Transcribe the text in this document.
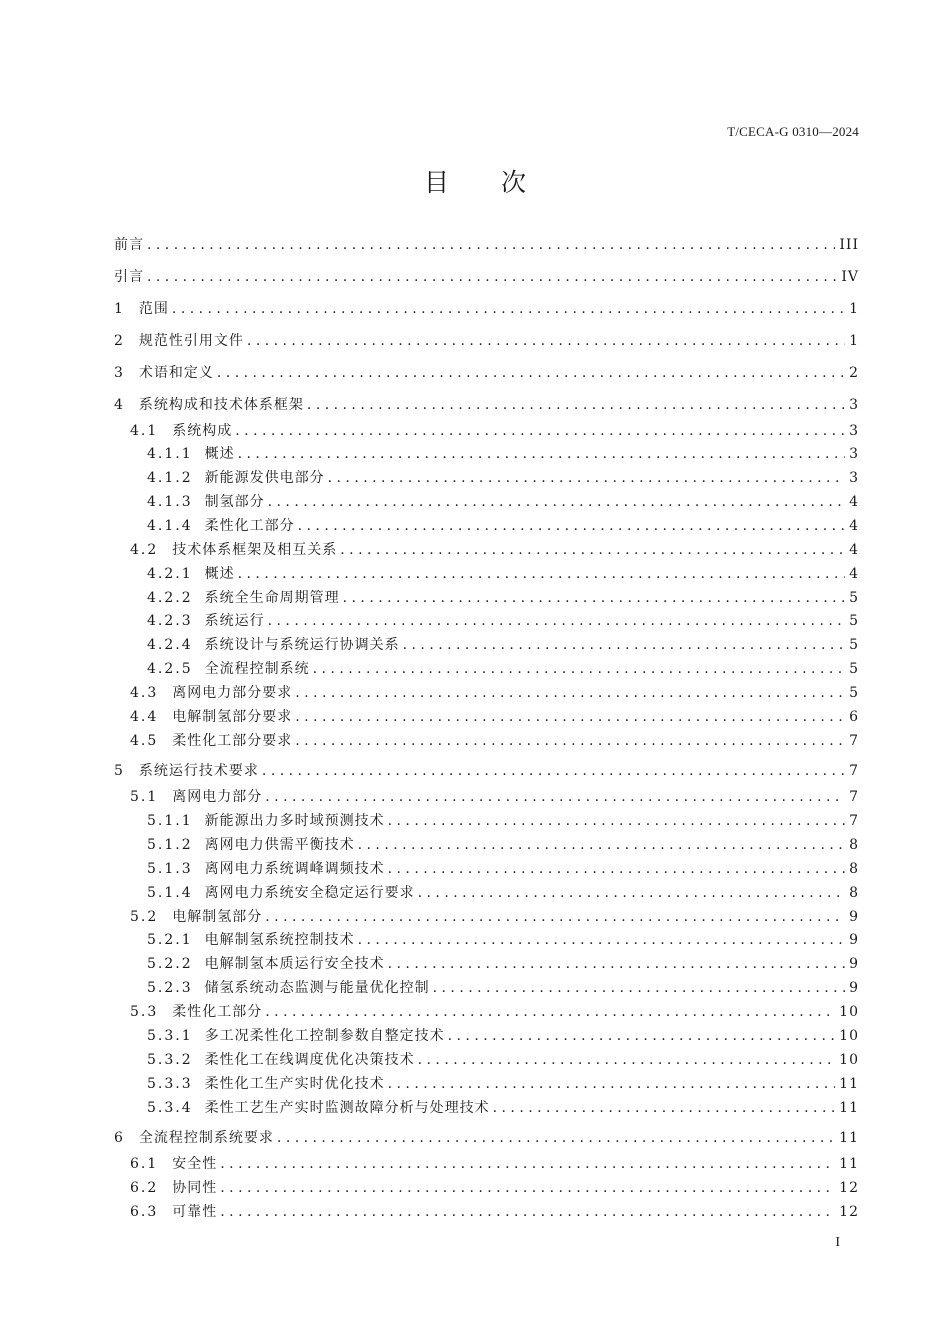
T/CECA-G 0310—2024
目 次
前言 . . .	III
引言 . . .	IV
1 范围 . . .	1
2 规范性引用文件 . . .	1
3 术语和定义 . . .	2
4 系统构成和技术体系框架 . . .	3
4.1 系统构成 . . .	3
4.1.1 概述 . . .	3
4.1.2 新能源发供电部分 . . .	3
4.1.3 制氢部分 . . .	4
4.1.4 柔性化工部分 . . .	4
4.2 技术体系框架及相互关系 . . .	4
4.2.1 概述 . . .	4
4.2.2 系统全生命周期管理 . . .	5
4.2.3 系统运行 . . .	5
4.2.4 系统设计与系统运行协调关系 . . .	5
4.2.5 全流程控制系统 . . .	5
4.3 离网电力部分要求 . . .	5
4.4 电解制氢部分要求 . . .	6
4.5 柔性化工部分要求 . . .	7
5 系统运行技术要求 . . .	7
5.1 离网电力部分 . . .	7
5.1.1 新能源出力多时域预测技术 . . .	7
5.1.2 离网电力供需平衡技术 . . .	8
5.1.3 离网电力系统调峰调频技术 . . .	8
5.1.4 离网电力系统安全稳定运行要求 . . .	8
5.2 电解制氢部分 . . .	9
5.2.1 电解制氢系统控制技术 . . .	9
5.2.2 电解制氢本质运行安全技术 . . .	9
5.2.3 储氢系统动态监测与能量优化控制 . . .	9
5.3 柔性化工部分 . . .	10
5.3.1 多工况柔性化工控制参数自整定技术 . . .	10
5.3.2 柔性化工在线调度优化决策技术 . . .	10
5.3.3 柔性化工生产实时优化技术 . . .	11
5.3.4 柔性工艺生产实时监测故障分析与处理技术 . . .	11
6 全流程控制系统要求 . . .	11
6.1 安全性 . . .	11
6.2 协同性 . . .	12
6.3 可靠性 . . .	12
I
